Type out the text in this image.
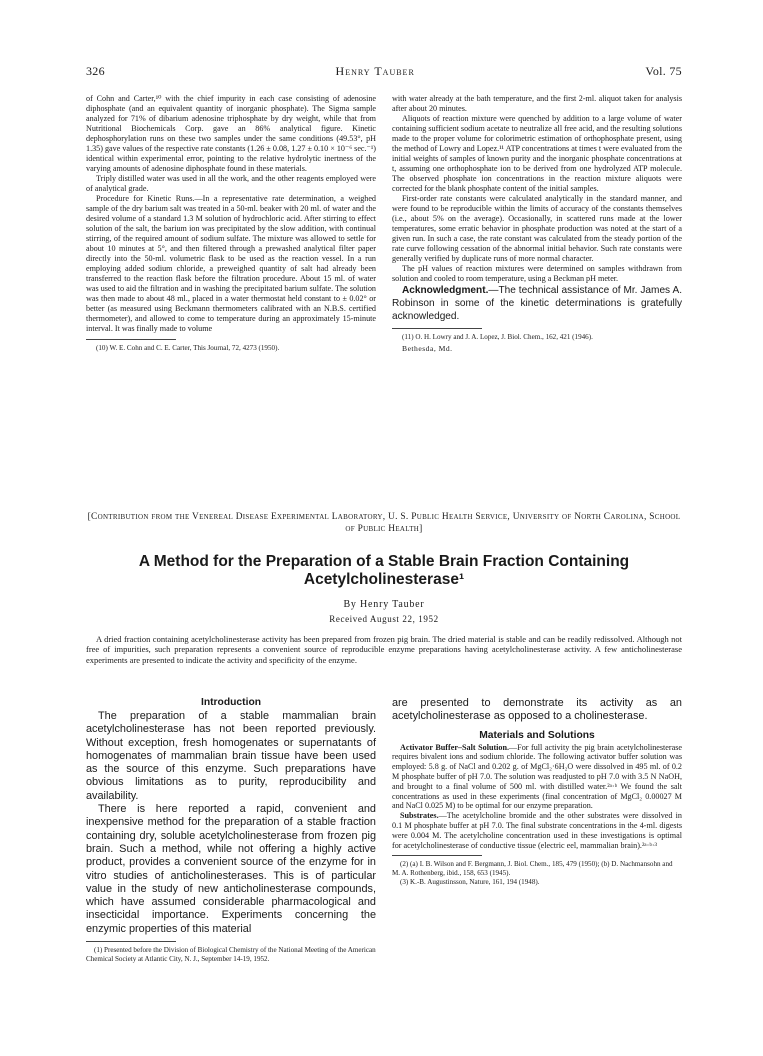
326	Henry Tauber	Vol. 75

of Cohn and Carter,¹⁰ with the chief impurity in each case consisting of adenosine diphosphate (and an equivalent quantity of inorganic phosphate). The Sigma sample analyzed for 71% of dibarium adenosine triphosphate by dry weight, while that from Nutritional Biochemicals Corp. gave an 86% analytical figure. Kinetic dephosphorylation runs on these two samples under the same conditions (49.53°, pH 1.35) gave values of the respective rate constants (1.26 ± 0.08, 1.27 ± 0.10 × 10⁻⁶ sec.⁻¹) identical within experimental error, pointing to the relative hydrolytic inertness of the varying amounts of adenosine diphosphate found in these materials.

Triply distilled water was used in all the work, and the other reagents employed were of analytical grade.

Procedure for Kinetic Runs.—In a representative rate determination, a weighed sample of the dry barium salt was treated in a 50-ml. beaker with 20 ml. of water and the desired volume of a standard 1.3 M solution of hydrochloric acid. After stirring to effect solution of the salt, the barium ion was precipitated by the slow addition, with continual stirring, of the required amount of sodium sulfate. The mixture was allowed to settle for about 10 minutes at 5°, and then filtered through a prewashed analytical filter paper directly into the 50-ml. volumetric flask to be used as the reaction vessel. In a run employing added sodium chloride, a preweighed quantity of salt had already been transferred to the reaction flask before the filtration procedure. About 15 ml. of water was used to aid the filtration and in washing the precipitated barium sulfate. The solution was then made to about 48 ml., placed in a water thermostat held constant to ± 0.02° or better (as measured using Beckmann thermometers calibrated with an N.B.S. certified thermometer), and allowed to come to temperature during an approximately 15-minute interval. It was finally made to volume

(10) W. E. Cohn and C. E. Carter, This Journal, 72, 4273 (1950).

with water already at the bath temperature, and the first 2-ml. aliquot taken for analysis after about 20 minutes.

Aliquots of reaction mixture were quenched by addition to a large volume of water containing sufficient sodium acetate to neutralize all free acid, and the resulting solutions made to the proper volume for colorimetric estimation of orthophosphate present, using the method of Lowry and Lopez.¹¹ ATP concentrations at times t were evaluated from the initial weights of samples of known purity and the inorganic phosphate concentrations at t, assuming one orthophosphate ion to be derived from one hydrolyzed ATP molecule. The observed phosphate ion concentrations in the reaction mixture aliquots were corrected for the blank phosphate content of the initial samples.

First-order rate constants were calculated analytically in the standard manner, and were found to be reproducible within the limits of accuracy of the constants themselves (i.e., about 5% on the average). Occasionally, in scattered runs made at the lower temperatures, some erratic behavior in phosphate production was noted at the start of a given run. In such a case, the rate constant was calculated from the steady portion of the rate curve following cessation of the abnormal initial behavior. Such rate constants were generally verified by duplicate runs of more normal character.

The pH values of reaction mixtures were determined on samples withdrawn from solution and cooled to room temperature, using a Beckman pH meter.

Acknowledgment.—The technical assistance of Mr. James A. Robinson in some of the kinetic determinations is gratefully acknowledged.

(11) O. H. Lowry and J. A. Lopez, J. Biol. Chem., 162, 421 (1946).

Bethesda, Md.

[Contribution from the Venereal Disease Experimental Laboratory, U. S. Public Health Service, University of North Carolina, School of Public Health]
A Method for the Preparation of a Stable Brain Fraction Containing
Acetylcholinesterase¹
By Henry Tauber
Received August 22, 1952
A dried fraction containing acetylcholinesterase activity has been prepared from frozen pig brain. The dried material is stable and can be readily redissolved. Although not free of impurities, such preparation represents a convenient source of reproducible enzyme preparations having acetylcholinesterase activity. A few anticholinesterase experiments are presented to indicate the activity and specificity of the enzyme.
Introduction

The preparation of a stable mammalian brain acetylcholinesterase has not been reported previously. Without exception, fresh homogenates or supernatants of homogenates of mammalian brain tissue have been used as the source of this enzyme. Such preparations have obvious limitations as to purity, reproducibility and availability.

There is here reported a rapid, convenient and inexpensive method for the preparation of a stable fraction containing dry, soluble acetylcholinesterase from frozen pig brain. Such a method, while not offering a highly active product, provides a convenient source of the enzyme for in vitro studies of anticholinesterases. This is of particular value in the study of new anticholinesterase compounds, which have assumed considerable pharmacological and insecticidal importance. Experiments concerning the enzymic properties of this material

(1) Presented before the Division of Biological Chemistry of the National Meeting of the American Chemical Society at Atlantic City, N. J., September 14-19, 1952.

are presented to demonstrate its activity as an acetylcholinesterase as opposed to a cholinesterase.

Materials and Solutions

Activator Buffer–Salt Solution.—For full activity the pig brain acetylcholinesterase requires bivalent ions and sodium chloride. The following activator buffer solution was employed: 5.8 g. of NaCl and 0.202 g. of MgCl₂·6H₂O were dissolved in 495 ml. of 0.2 M phosphate buffer of pH 7.0. The solution was readjusted to pH 7.0 with 3.5 N NaOH, and brought to a final volume of 500 ml. with distilled water.²ᵃ·ᵇ We found the salt concentrations as used in these experiments (final concentration of MgCl₂ 0.00027 M and NaCl 0.025 M) to be optimal for our enzyme preparation.

Substrates.—The acetylcholine bromide and the other substrates were dissolved in 0.1 M phosphate buffer at pH 7.0. The final substrate concentrations in the 4-ml. digests were 0.004 M. The acetylcholine concentration used in these investigations is optimal for acetylcholinesterase of conductive tissue (electric eel, mammalian brain).²ᵃ·ᵇ·³

(2) (a) I. B. Wilson and F. Bergmann, J. Biol. Chem., 185, 479 (1950); (b) D. Nachmansohn and M. A. Rothenberg, ibid., 158, 653 (1945).

(3) K.-B. Augustinsson, Nature, 161, 194 (1948).
